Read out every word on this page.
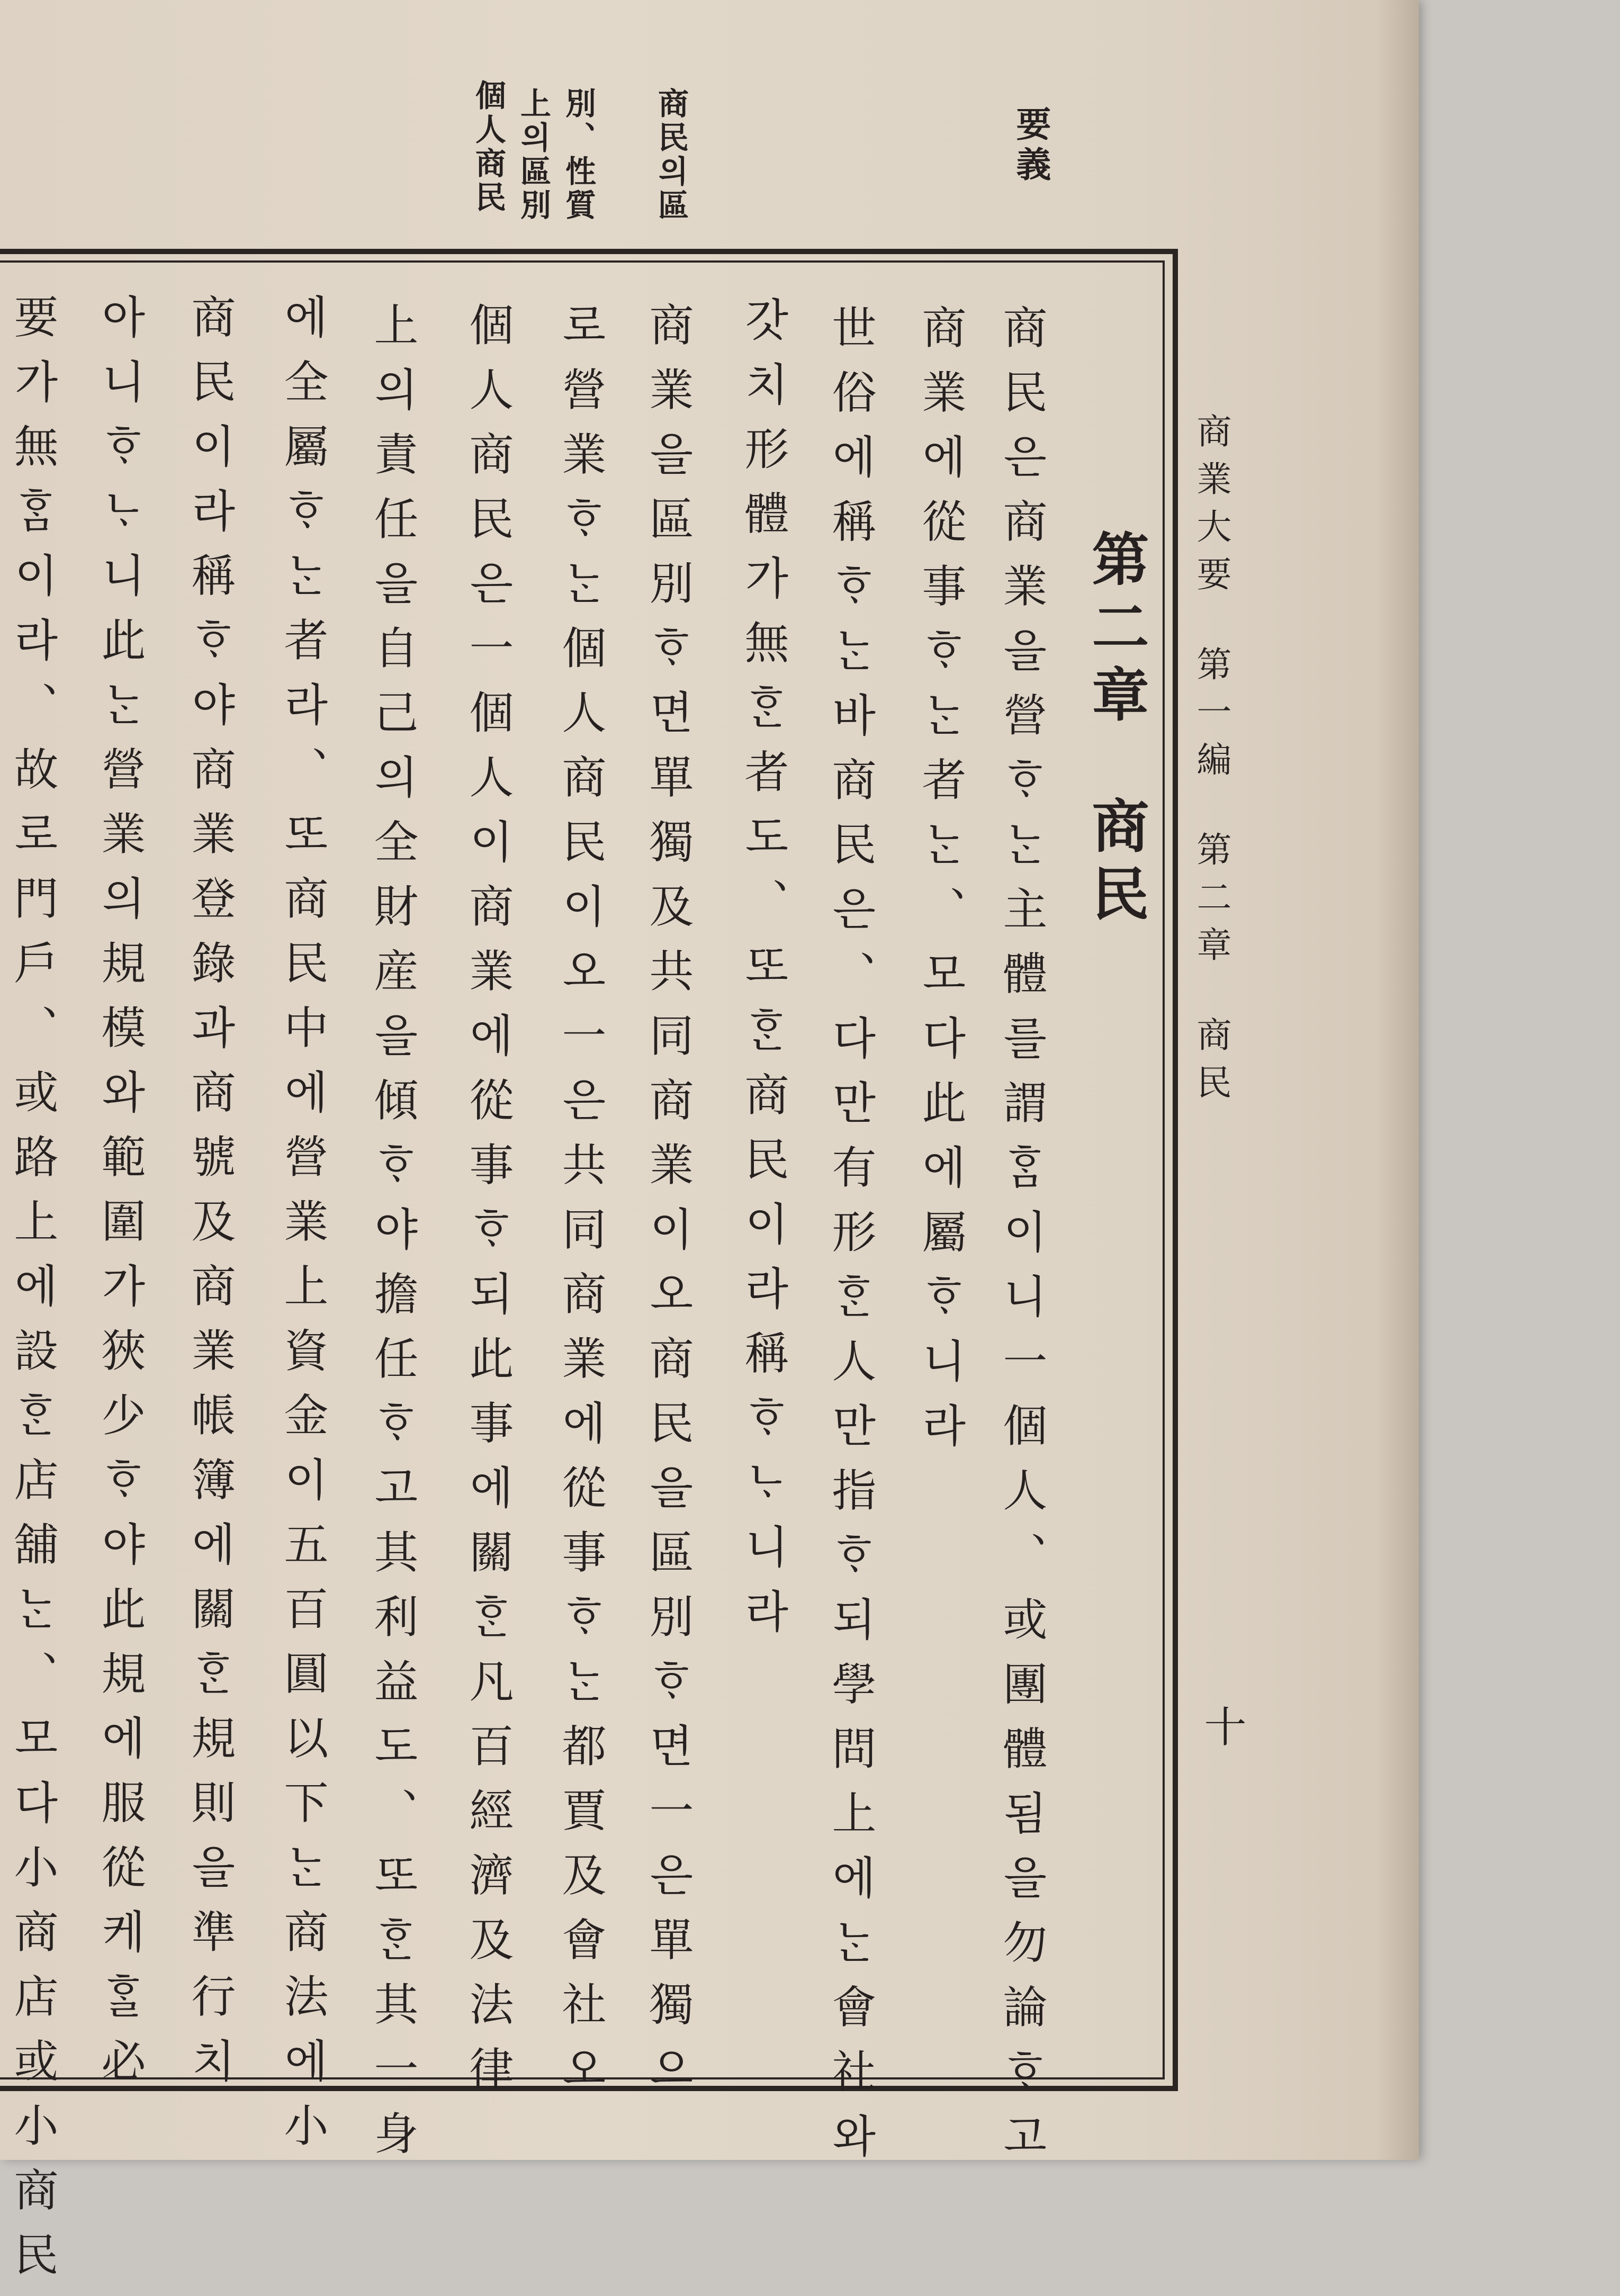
商業大要第一編第二章商民
十
要義
商民의區
別、性質
上의區別
個人商民
第二章商民
商民은商業을營ᄒᆞᄂᆞᆫ主體를謂ᄒᆞᆷ이니一個人、或團體됨을勿論ᄒᆞ고
商業에從事ᄒᆞᄂᆞᆫ者ᄂᆞᆫ、모다此에屬ᄒᆞ니라
世俗에稱ᄒᆞᄂᆞᆫ바商民은、다만有形ᄒᆞᆫ人만指ᄒᆞ되學問上에ᄂᆞᆫ會社와
갓치形體가無ᄒᆞᆫ者도、또ᄒᆞᆫ商民이라稱ᄒᆞᄂᆞ니라
商業을區別ᄒᆞ면單獨及共同商業이오商民을區別ᄒᆞ면一은單獨으
로營業ᄒᆞᄂᆞᆫ個人商民이오一은共同商業에從事ᄒᆞᄂᆞᆫ都賈及會社오
個人商民은一個人이商業에從事ᄒᆞ되此事에關ᄒᆞᆫ凡百經濟及法律
上의責任을自己의全財産을傾ᄒᆞ야擔任ᄒᆞ고其利益도、또ᄒᆞᆫ其一身
에全屬ᄒᆞᄂᆞᆫ者라、또商民中에營業上資金이五百圓以下ᄂᆞᆫ商法에小
商民이라稱ᄒᆞ야商業登錄과商號及商業帳簿에關ᄒᆞᆫ規則을準行치
아니ᄒᆞᄂᆞ니此ᄂᆞᆫ營業의規模와範圍가狹少ᄒᆞ야此規에服從케ᄒᆞᆯ必
要가無ᄒᆞᆷ이라、故로門戶、或路上에設ᄒᆞᆫ店舖ᄂᆞᆫ、모다小商店或小商民
